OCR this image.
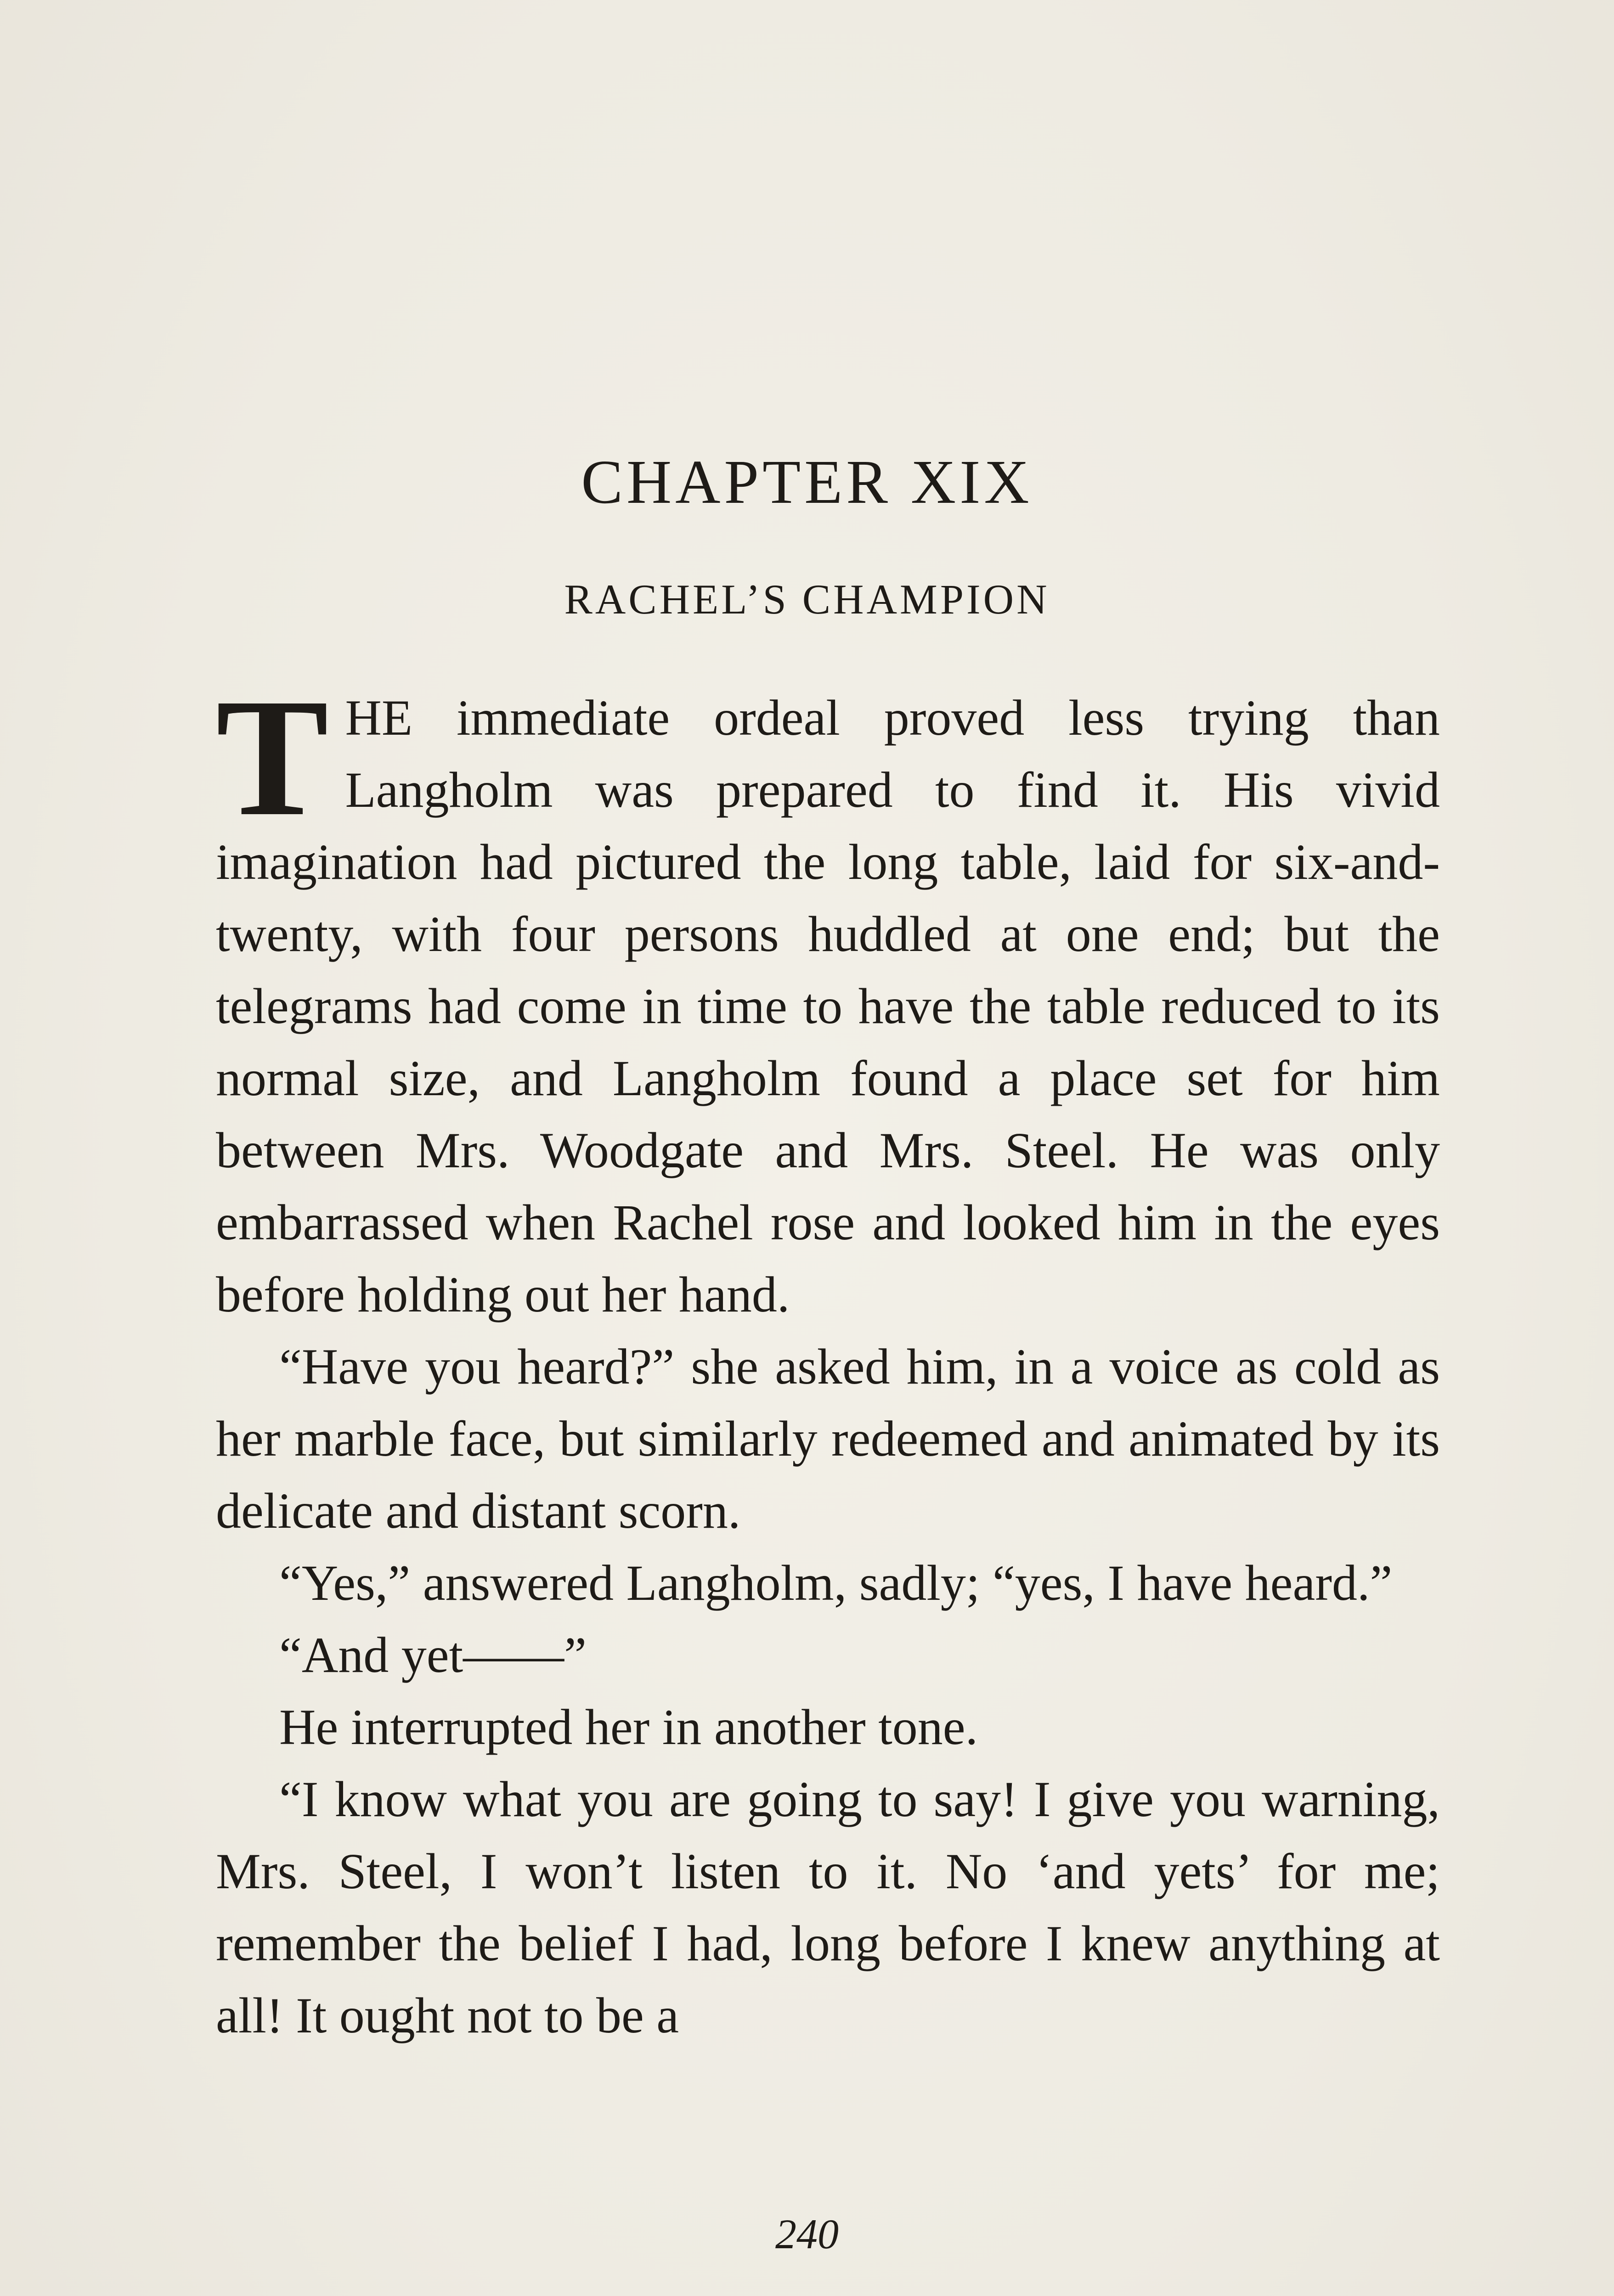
CHAPTER XIX
RACHEL’S CHAMPION

THE immediate ordeal proved less trying than Langholm was prepared to find it. His vivid imagination had pictured the long table, laid for six-and-twenty, with four persons huddled at one end; but the telegrams had come in time to have the table reduced to its normal size, and Langholm found a place set for him between Mrs. Woodgate and Mrs. Steel. He was only embarrassed when Rachel rose and looked him in the eyes before holding out her hand.

“Have you heard?” she asked him, in a voice as cold as her marble face, but similarly redeemed and animated by its delicate and distant scorn.

“Yes,” answered Langholm, sadly; “yes, I have heard.”

“And yet——”

He interrupted her in another tone.

“I know what you are going to say! I give you warning, Mrs. Steel, I won’t listen to it. No ‘and yets’ for me; remember the belief I had, long before I knew anything at all! It ought not to be a

240
